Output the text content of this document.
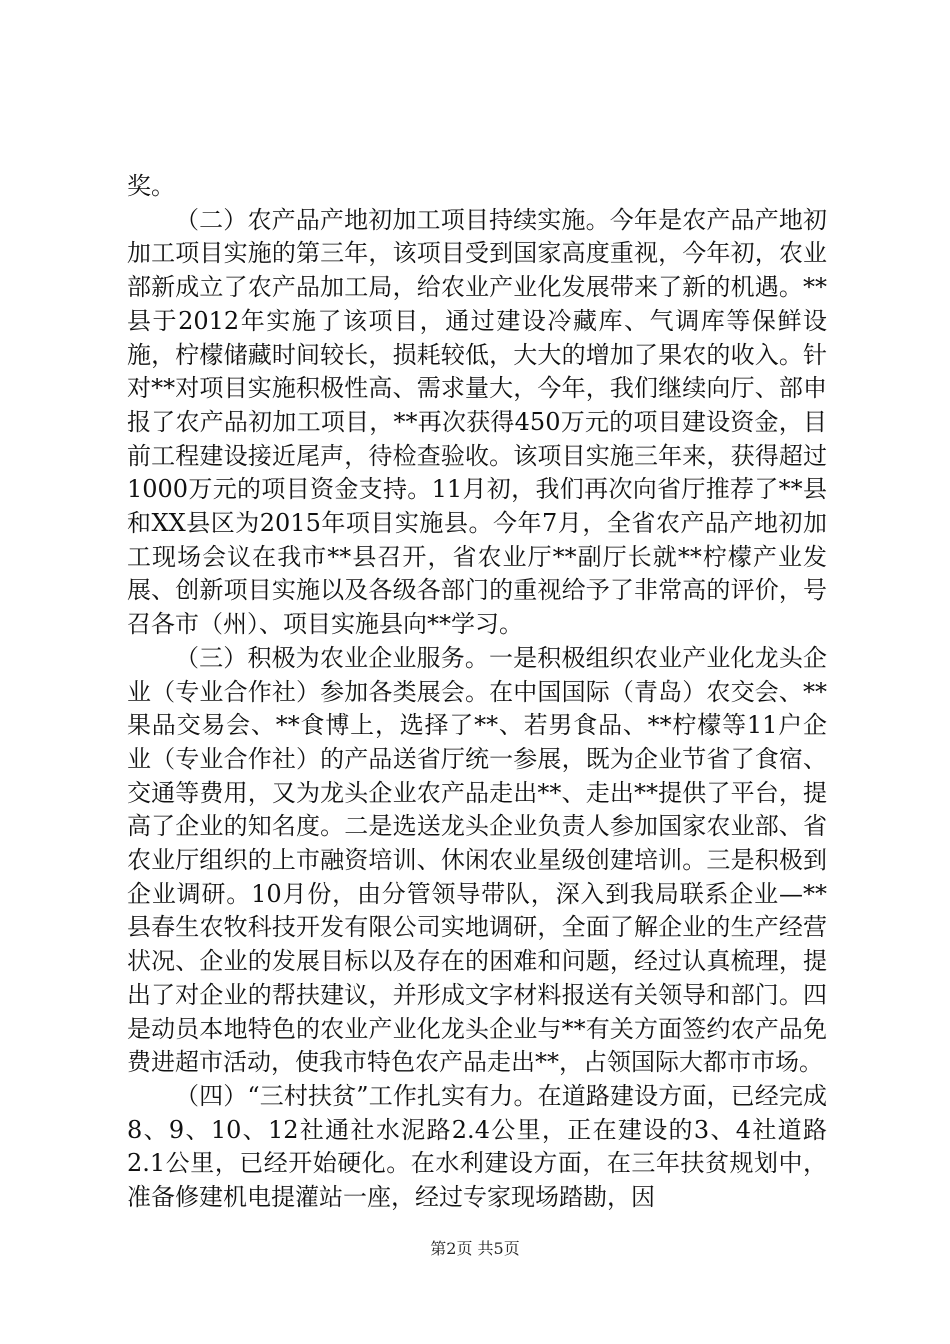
奖。

（二）农产品产地初加工项目持续实施。今年是农产品产地初加工项目实施的第三年，该项目受到国家高度重视，今年初，农业部新成立了农产品加工局，给农业产业化发展带来了新的机遇。**县于2012年实施了该项目，通过建设冷藏库、气调库等保鲜设施，柠檬储藏时间较长，损耗较低，大大的增加了果农的收入。针对**对项目实施积极性高、需求量大，今年，我们继续向厅、部申报了农产品初加工项目，**再次获得450万元的项目建设资金，目前工程建设接近尾声，待检查验收。该项目实施三年来，获得超过1000万元的项目资金支持。11月初，我们再次向省厅推荐了**县和XX县区为2015年项目实施县。今年7月，全省农产品产地初加工现场会议在我市**县召开，省农业厅**副厅长就**柠檬产业发展、创新项目实施以及各级各部门的重视给予了非常高的评价，号召各市（州）、项目实施县向**学习。

（三）积极为农业企业服务。一是积极组织农业产业化龙头企业（专业合作社）参加各类展会。在中国国际（青岛）农交会、**果品交易会、**食博上，选择了**、若男食品、**柠檬等11户企业（专业合作社）的产品送省厅统一参展，既为企业节省了食宿、交通等费用，又为龙头企业农产品走出**、走出**提供了平台，提高了企业的知名度。二是选送龙头企业负责人参加国家农业部、省农业厅组织的上市融资培训、休闲农业星级创建培训。三是积极到企业调研。10月份，由分管领导带队，深入到我局联系企业—**县春生农牧科技开发有限公司实地调研，全面了解企业的生产经营状况、企业的发展目标以及存在的困难和问题，经过认真梳理，提出了对企业的帮扶建议，并形成文字材料报送有关领导和部门。四是动员本地特色的农业产业化龙头企业与**有关方面签约农产品免费进超市活动，使我市特色农产品走出**，占领国际大都市市场。

（四）“三村扶贫”工作扎实有力。在道路建设方面，已经完成8、9、10、12社通社水泥路2.4公里，正在建设的3、4社道路2.1公里，已经开始硬化。在水利建设方面，在三年扶贫规划中，准备修建机电提灌站一座，经过专家现场踏勘，因

第2页 共5页
